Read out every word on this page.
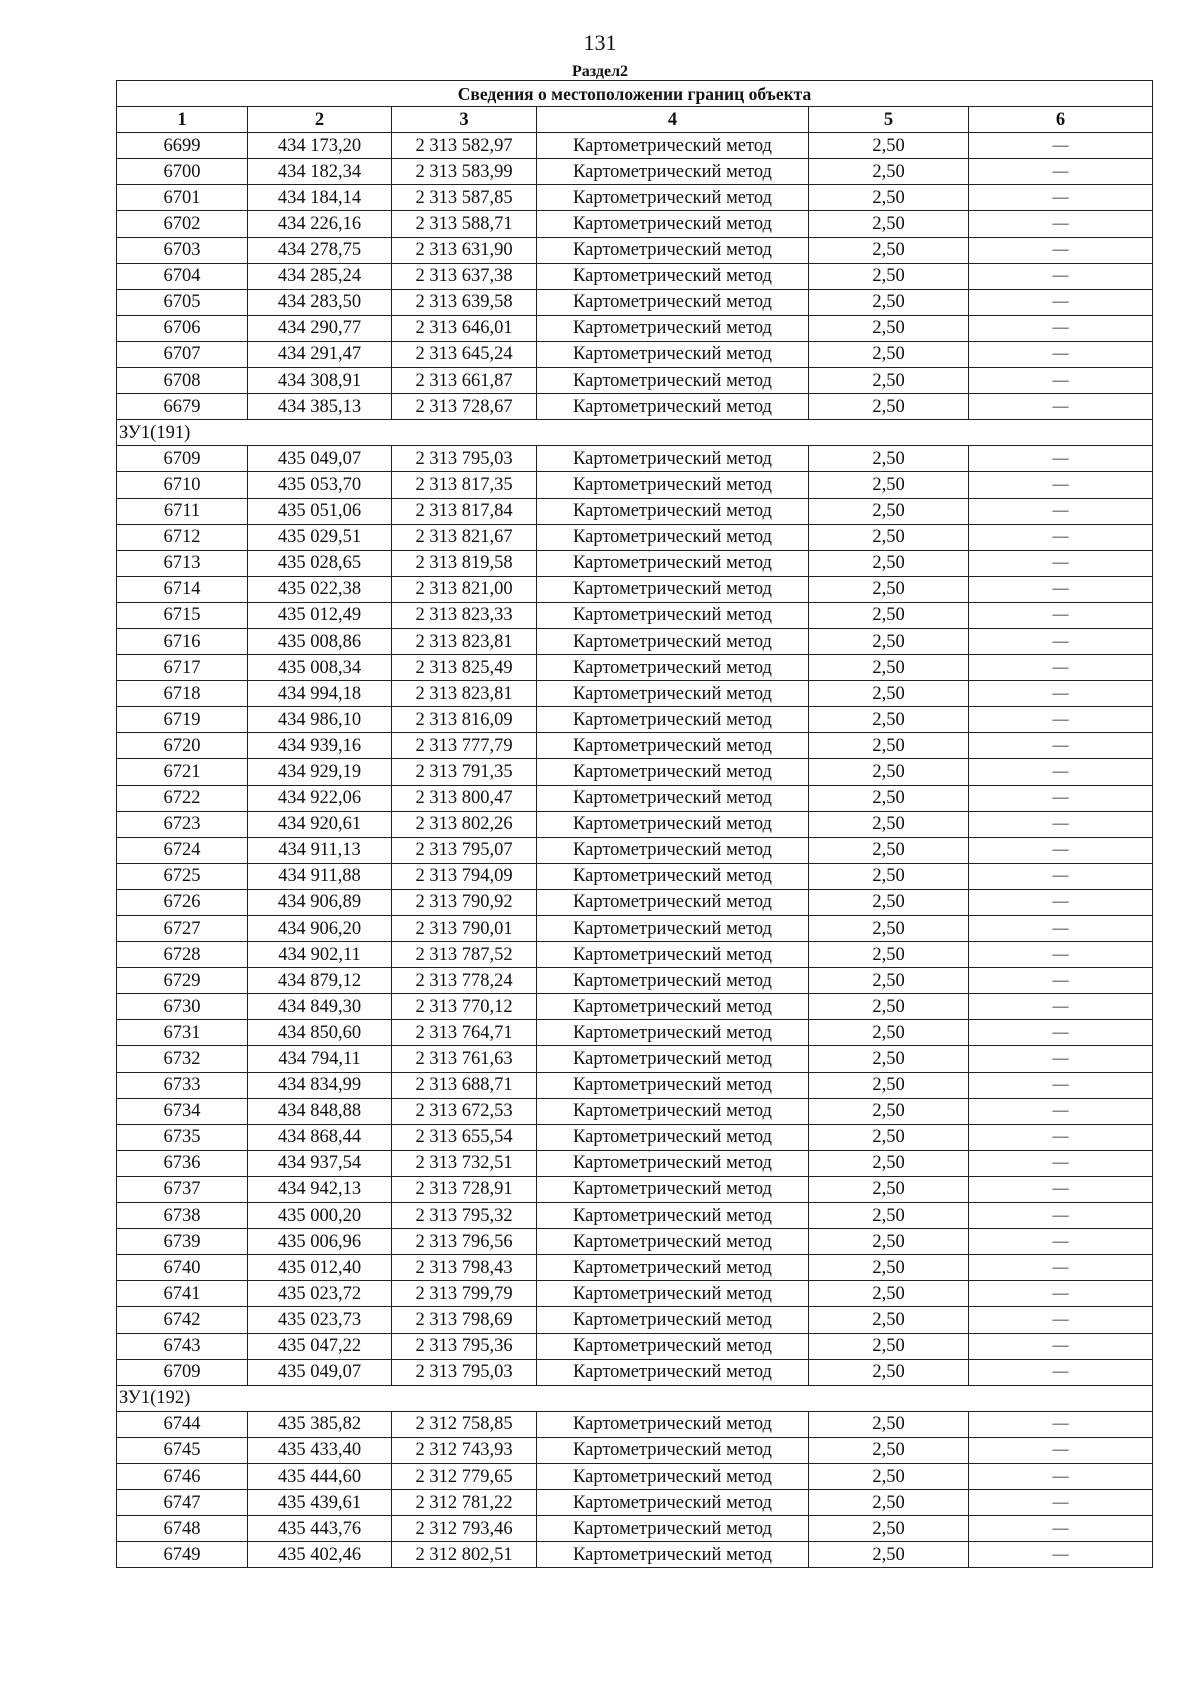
131
Раздел2
Сведения о местоположении границ объекта					
1	2	3	4	5	6
6699	434 173,20	2 313 582,97	Картометрический метод	2,50	—
6700	434 182,34	2 313 583,99	Картометрический метод	2,50	—
6701	434 184,14	2 313 587,85	Картометрический метод	2,50	—
6702	434 226,16	2 313 588,71	Картометрический метод	2,50	—
6703	434 278,75	2 313 631,90	Картометрический метод	2,50	—
6704	434 285,24	2 313 637,38	Картометрический метод	2,50	—
6705	434 283,50	2 313 639,58	Картометрический метод	2,50	—
6706	434 290,77	2 313 646,01	Картометрический метод	2,50	—
6707	434 291,47	2 313 645,24	Картометрический метод	2,50	—
6708	434 308,91	2 313 661,87	Картометрический метод	2,50	—
6679	434 385,13	2 313 728,67	Картометрический метод	2,50	—
ЗУ1(191)					
6709	435 049,07	2 313 795,03	Картометрический метод	2,50	—
6710	435 053,70	2 313 817,35	Картометрический метод	2,50	—
6711	435 051,06	2 313 817,84	Картометрический метод	2,50	—
6712	435 029,51	2 313 821,67	Картометрический метод	2,50	—
6713	435 028,65	2 313 819,58	Картометрический метод	2,50	—
6714	435 022,38	2 313 821,00	Картометрический метод	2,50	—
6715	435 012,49	2 313 823,33	Картометрический метод	2,50	—
6716	435 008,86	2 313 823,81	Картометрический метод	2,50	—
6717	435 008,34	2 313 825,49	Картометрический метод	2,50	—
6718	434 994,18	2 313 823,81	Картометрический метод	2,50	—
6719	434 986,10	2 313 816,09	Картометрический метод	2,50	—
6720	434 939,16	2 313 777,79	Картометрический метод	2,50	—
6721	434 929,19	2 313 791,35	Картометрический метод	2,50	—
6722	434 922,06	2 313 800,47	Картометрический метод	2,50	—
6723	434 920,61	2 313 802,26	Картометрический метод	2,50	—
6724	434 911,13	2 313 795,07	Картометрический метод	2,50	—
6725	434 911,88	2 313 794,09	Картометрический метод	2,50	—
6726	434 906,89	2 313 790,92	Картометрический метод	2,50	—
6727	434 906,20	2 313 790,01	Картометрический метод	2,50	—
6728	434 902,11	2 313 787,52	Картометрический метод	2,50	—
6729	434 879,12	2 313 778,24	Картометрический метод	2,50	—
6730	434 849,30	2 313 770,12	Картометрический метод	2,50	—
6731	434 850,60	2 313 764,71	Картометрический метод	2,50	—
6732	434 794,11	2 313 761,63	Картометрический метод	2,50	—
6733	434 834,99	2 313 688,71	Картометрический метод	2,50	—
6734	434 848,88	2 313 672,53	Картометрический метод	2,50	—
6735	434 868,44	2 313 655,54	Картометрический метод	2,50	—
6736	434 937,54	2 313 732,51	Картометрический метод	2,50	—
6737	434 942,13	2 313 728,91	Картометрический метод	2,50	—
6738	435 000,20	2 313 795,32	Картометрический метод	2,50	—
6739	435 006,96	2 313 796,56	Картометрический метод	2,50	—
6740	435 012,40	2 313 798,43	Картометрический метод	2,50	—
6741	435 023,72	2 313 799,79	Картометрический метод	2,50	—
6742	435 023,73	2 313 798,69	Картометрический метод	2,50	—
6743	435 047,22	2 313 795,36	Картометрический метод	2,50	—
6709	435 049,07	2 313 795,03	Картометрический метод	2,50	—
ЗУ1(192)					
6744	435 385,82	2 312 758,85	Картометрический метод	2,50	—
6745	435 433,40	2 312 743,93	Картометрический метод	2,50	—
6746	435 444,60	2 312 779,65	Картометрический метод	2,50	—
6747	435 439,61	2 312 781,22	Картометрический метод	2,50	—
6748	435 443,76	2 312 793,46	Картометрический метод	2,50	—
6749	435 402,46	2 312 802,51	Картометрический метод	2,50	—
